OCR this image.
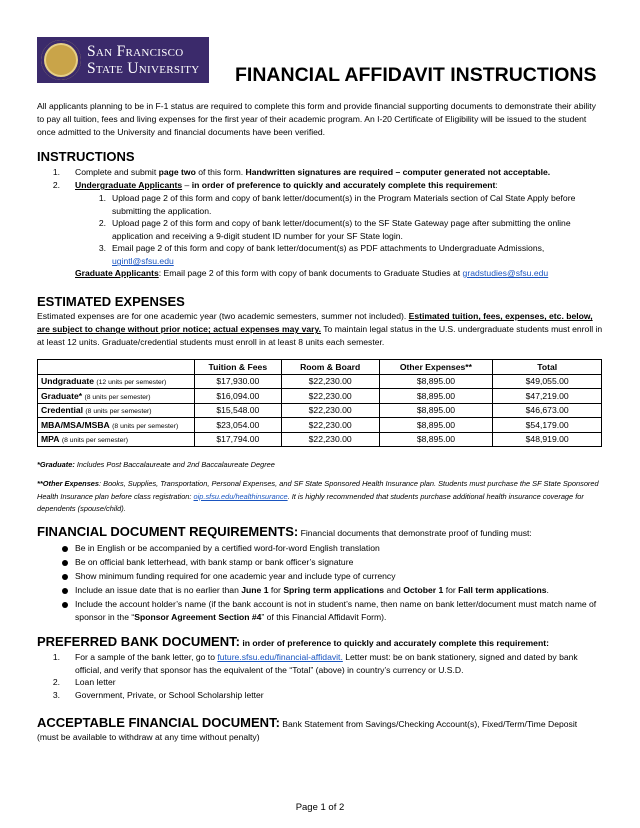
San Francisco
State University FINANCIAL AFFIDAVIT INSTRUCTIONS
All applicants planning to be in F-1 status are required to complete this form and provide financial supporting documents to demonstrate their ability to pay all tuition, fees and living expenses for the first year of their academic program. An I-20 Certificate of Eligibility will be issued to the student once admitted to the University and financial documents have been verified.
INSTRUCTIONS
1. Complete and submit page two of this form. Handwritten signatures are required – computer generated not acceptable.
2. Undergraduate Applicants – in order of preference to quickly and accurately complete this requirement:
1. Upload page 2 of this form and copy of bank letter/document(s) in the Program Materials section of Cal State Apply before submitting the application.
2. Upload page 2 of this form and copy of bank letter/document(s) to the SF State Gateway page after submitting the online application and receiving a 9-digit student ID number for your SF State login.
3. Email page 2 of this form and copy of bank letter/document(s) as PDF attachments to Undergraduate Admissions,
ugintl@sfsu.edu
Graduate Applicants: Email page 2 of this form with copy of bank documents to Graduate Studies at gradstudies@sfsu.edu
ESTIMATED EXPENSES
Estimated expenses are for one academic year (two academic semesters, summer not included). Estimated tuition, fees, expenses, etc. below, are subject to change without prior notice; actual expenses may vary. To maintain legal status in the U.S. undergraduate students must enroll in at least 12 units. Graduate/credential students must enroll in at least 8 units each semester.
	Tuition & Fees	Room & Board	Other Expenses**	Total
Undgraduate (12 units per semester)	$17,930.00	$22,230.00	$8,895.00	$49,055.00
Graduate* (8 units per semester)	$16,094.00	$22,230.00	$8,895.00	$47,219.00
Credential (8 units per semester)	$15,548.00	$22,230.00	$8,895.00	$46,673.00
MBA/MSA/MSBA (8 units per semester)	$23,054.00	$22,230.00	$8,895.00	$54,179.00
MPA (8 units per semester)	$17,794.00	$22,230.00	$8,895.00	$48,919.00
*Graduate: Includes Post Baccalaureate and 2nd Baccalaureate Degree
**Other Expenses: Books, Supplies, Transportation, Personal Expenses, and SF State Sponsored Health Insurance plan. Students must purchase the SF State Sponsored Health Insurance plan before class registration: oip.sfsu.edu/healthinsurance. It is highly recommended that students purchase additional health insurance coverage for dependents (spouse/child).
FINANCIAL DOCUMENT REQUIREMENTS: Financial documents that demonstrate proof of funding must:
Be in English or be accompanied by a certified word-for-word English translation
Be on official bank letterhead, with bank stamp or bank officer’s signature
Show minimum funding required for one academic year and include type of currency
Include an issue date that is no earlier than June 1 for Spring term applications and October 1 for Fall term applications.
Include the account holder’s name (if the bank account is not in student’s name, then name on bank letter/document must match name of sponsor in the “Sponsor Agreement Section #4” of this Financial Affidavit Form).
PREFERRED BANK DOCUMENT: in order of preference to quickly and accurately complete this requirement:
1. For a sample of the bank letter, go to future.sfsu.edu/financial-affidavit. Letter must: be on bank stationery, signed and dated by bank official, and verify that sponsor has the equivalent of the “Total” (above) in country’s currency or U.S.D.
2. Loan letter
3. Government, Private, or School Scholarship letter
ACCEPTABLE FINANCIAL DOCUMENT: Bank Statement from Savings/Checking Account(s), Fixed/Term/Time Deposit
(must be available to withdraw at any time without penalty)
Page 1 of 2
